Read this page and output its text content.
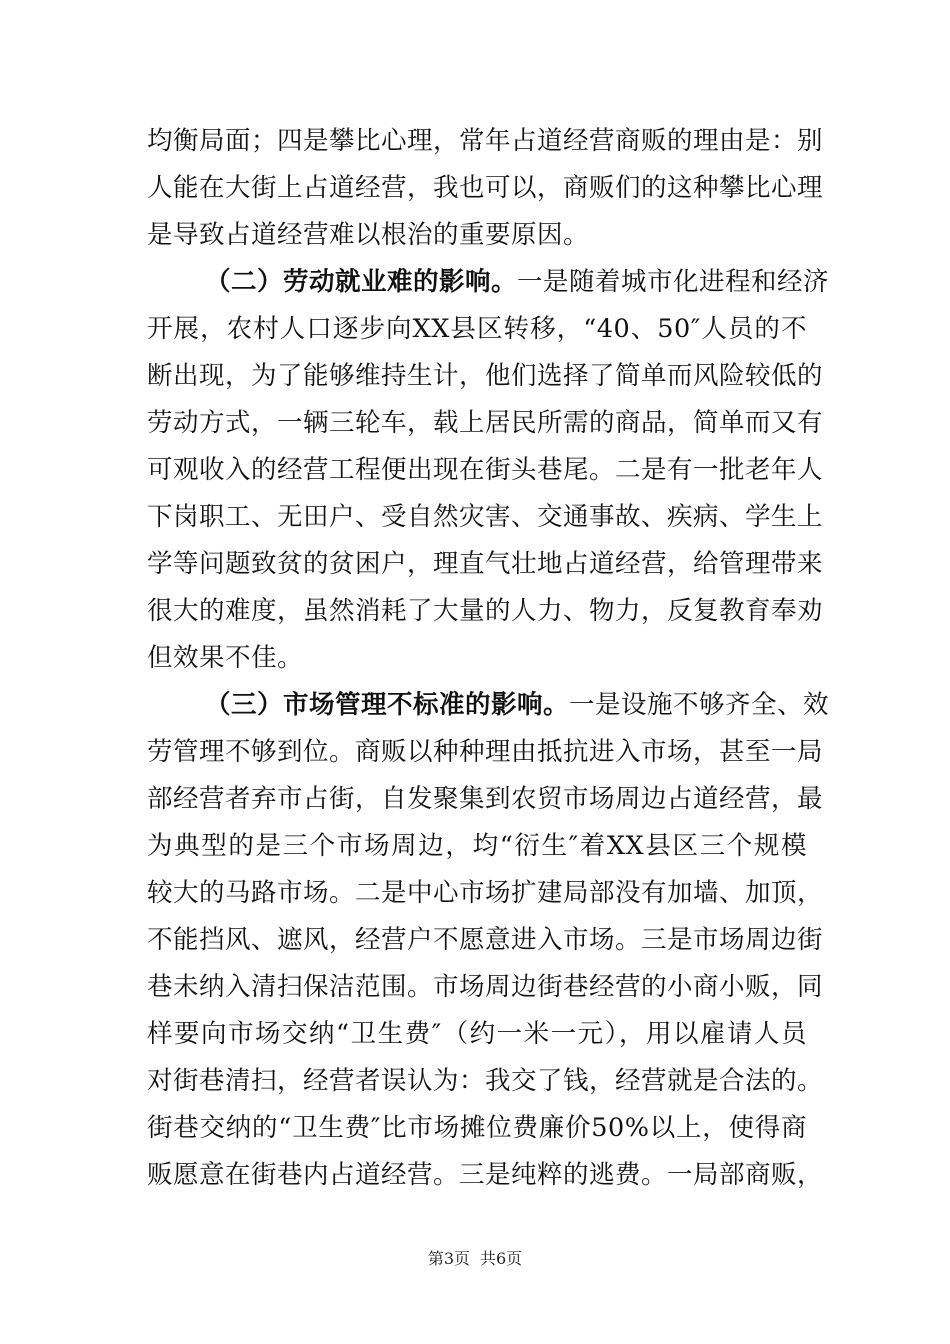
均衡局面；四是攀比心理，常年占道经营商贩的理由是：别
人能在大街上占道经营，我也可以，商贩们的这种攀比心理
是导致占道经营难以根治的重要原因。
（二）劳动就业难的影响。一是随着城市化进程和经济
开展，农村人口逐步向XX县区转移，“40、50″人员的不
断出现，为了能够维持生计，他们选择了简单而风险较低的
劳动方式，一辆三轮车，载上居民所需的商品，简单而又有
可观收入的经营工程便出现在街头巷尾。二是有一批老年人
下岗职工、无田户、受自然灾害、交通事故、疾病、学生上
学等问题致贫的贫困户，理直气壮地占道经营，给管理带来
很大的难度，虽然消耗了大量的人力、物力，反复教育奉劝
但效果不佳。
（三）市场管理不标准的影响。一是设施不够齐全、效
劳管理不够到位。商贩以种种理由抵抗进入市场，甚至一局
部经营者弃市占街，自发聚集到农贸市场周边占道经营，最
为典型的是三个市场周边，均“衍生″着XX县区三个规模
较大的马路市场。二是中心市场扩建局部没有加墙、加顶，
不能挡风、遮风，经营户不愿意进入市场。三是市场周边街
巷未纳入清扫保洁范围。市场周边街巷经营的小商小贩，同
样要向市场交纳“卫生费″（约一米一元），用以雇请人员
对街巷清扫，经营者误认为：我交了钱，经营就是合法的。
街巷交纳的“卫生费″比市场摊位费廉价50%以上，使得商
贩愿意在街巷内占道经营。三是纯粹的逃费。一局部商贩，
第3页 共6页
